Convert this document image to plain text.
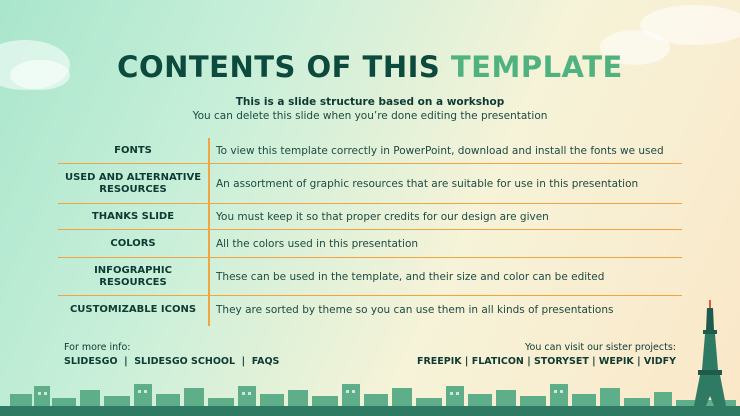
CONTENTS OF THIS TEMPLATE
This is a slide structure based on a workshop
You can delete this slide when you’re done editing the presentation
FONTS	To view this template correctly in PowerPoint, download and install the fonts we used
USED AND ALTERNATIVE RESOURCES	An assortment of graphic resources that are suitable for use in this presentation
THANKS SLIDE	You must keep it so that proper credits for our design are given
COLORS	All the colors used in this presentation
INFOGRAPHIC RESOURCES	These can be used in the template, and their size and color can be edited
CUSTOMIZABLE ICONS	They are sorted by theme so you can use them in all kinds of presentations
For more info:
SLIDESGO  |  SLIDESGO SCHOOL  |  FAQS
You can visit our sister projects:
FREEPIK | FLATICON | STORYSET | WEPIK | VIDFY
